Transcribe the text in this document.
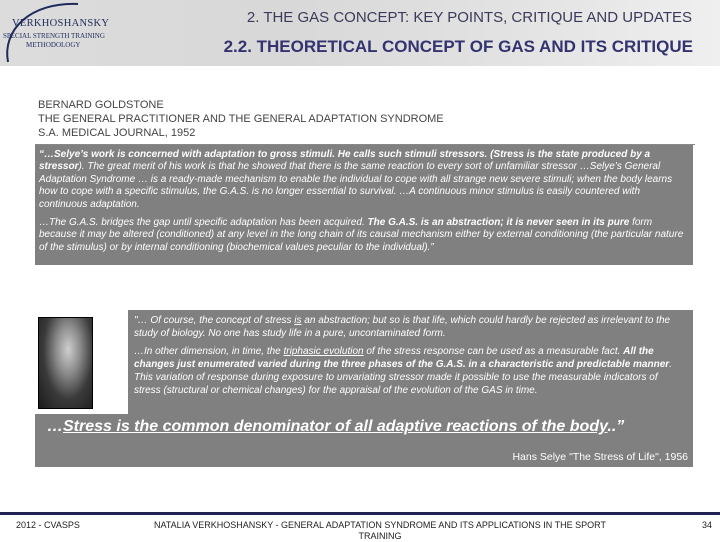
VERKHOSHANSKY
SPECIAL STRENGTH TRAINING
METHODOLOGY
2. THE GAS CONCEPT: KEY POINTS, CRITIQUE AND UPDATES
2.2. THEORETICAL CONCEPT OF GAS AND ITS CRITIQUE
BERNARD GOLDSTONE
THE GENERAL PRACTITIONER AND THE GENERAL ADAPTATION SYNDROME
S.A. MEDICAL JOURNAL, 1952

“…Selye’s work is concerned with adaptation to gross stimuli. He calls such stimuli stressors. (Stress is the state produced by a stressor). The great merit of his work is that he showed that there is the same reaction to every sort of unfamiliar stressor …Selye’s General Adaptation Syndrome … is a ready-made mechanism to enable the individual to cope with all strange new severe stimuli; when the body learns how to cope with a specific stimulus, the G.A.S. is no longer essential to survival. …A continuous minor stimulus is easily countered with continuous adaptation.

…The G.A.S. bridges the gap until specific adaptation has been acquired. The G.A.S. is an abstraction; it is never seen in its pure form because it may be altered (conditioned) at any level in the long chain of its causal mechanism either by external conditioning (the particular nature of the stimulus) or by internal conditioning (biochemical values peculiar to the individual).”

"… Of course, the concept of stress is an abstraction; but so is that life, which could hardly be rejected as irrelevant to the study of biology. No one has study life in a pure, uncontaminated form.

…In other dimension, in time, the triphasic evolution of the stress response can be used as a measurable fact. All the changes just enumerated varied during the three phases of the G.A.S. in a characteristic and predictable manner. This variation of response during exposure to unvariating stressor made it possible to use the measurable indicators of stress (structural or chemical changes) for the appraisal of the evolution of the GAS in time.

…Stress is the common denominator of all adaptive reactions of the body..”
Hans Selye "The Stress of Life", 1956
2012 - CVASPS	NATALIA VERKHOSHANSKY - GENERAL ADAPTATION SYNDROME AND ITS APPLICATIONS IN THE SPORT TRAINING
34
